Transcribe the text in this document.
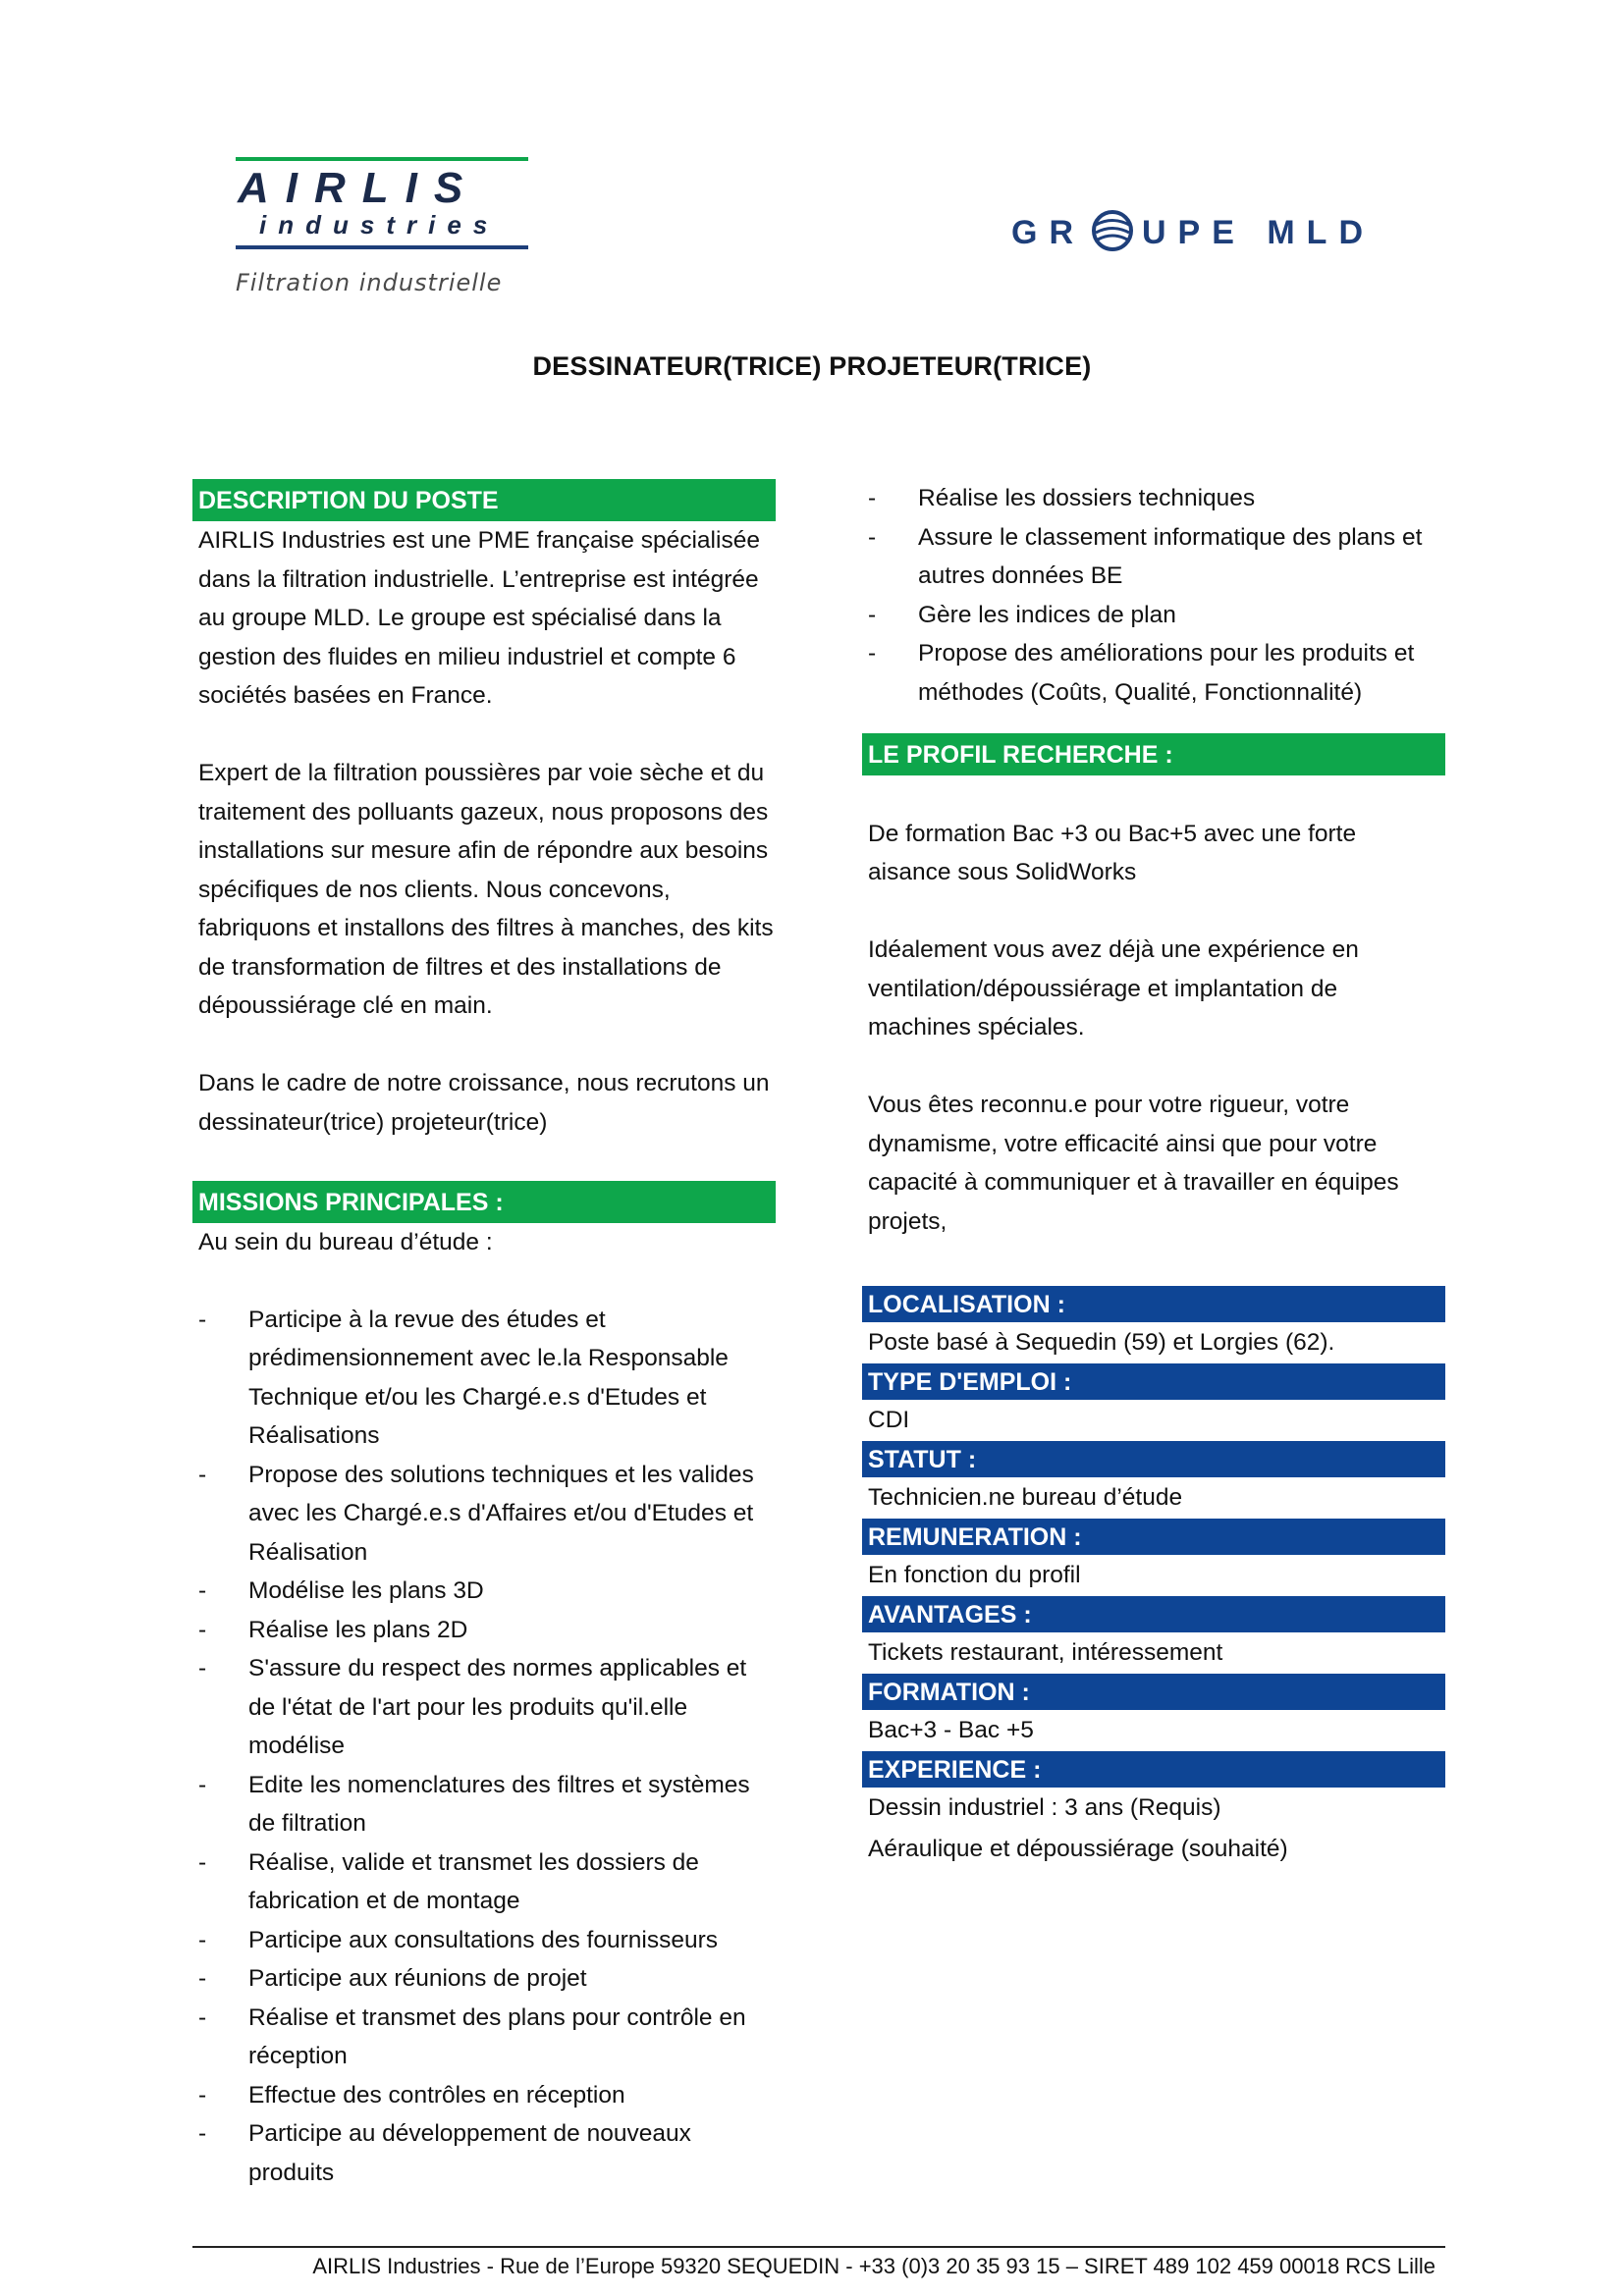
AIRLIS
industries
Filtration industrielle
GR UPE MLD
DESSINATEUR(TRICE) PROJETEUR(TRICE)
DESCRIPTION DU POSTE

AIRLIS Industries est une PME française spécialisée dans la filtration industrielle. L’entreprise est intégrée au groupe MLD. Le groupe est spécialisé dans la gestion des fluides en milieu industriel et compte 6 sociétés basées en France.

Expert de la filtration poussières par voie sèche et du traitement des polluants gazeux, nous proposons des installations sur mesure afin de répondre aux besoins spécifiques de nos clients. Nous concevons, fabriquons et installons des filtres à manches, des kits de transformation de filtres et des installations de dépoussiérage clé en main.

Dans le cadre de notre croissance, nous recrutons un dessinateur(trice) projeteur(trice)

MISSIONS PRINCIPALES :

Au sein du bureau d’étude :

- Participe à la revue des études et prédimensionnement avec le.la Responsable Technique et/ou les Chargé.e.s d'Etudes et Réalisations
- Propose des solutions techniques et les valides avec les Chargé.e.s d'Affaires et/ou d'Etudes et Réalisation
- Modélise les plans 3D
- Réalise les plans 2D
- S'assure du respect des normes applicables et de l'état de l'art pour les produits qu'il.elle modélise
- Edite les nomenclatures des filtres et systèmes de filtration
- Réalise, valide et transmet les dossiers de fabrication et de montage
- Participe aux consultations des fournisseurs
- Participe aux réunions de projet
- Réalise et transmet des plans pour contrôle en réception
- Effectue des contrôles en réception
- Participe au développement de nouveaux produits
- Réalise les dossiers techniques
- Assure le classement informatique des plans et autres données BE
- Gère les indices de plan
- Propose des améliorations pour les produits et méthodes (Coûts, Qualité, Fonctionnalité)
LE PROFIL RECHERCHE :

De formation Bac +3 ou Bac+5 avec une forte aisance sous SolidWorks

Idéalement vous avez déjà une expérience en ventilation/dépoussiérage et implantation de machines spéciales.

Vous êtes reconnu.e pour votre rigueur, votre dynamisme, votre efficacité ainsi que pour votre capacité à communiquer et à travailler en équipes projets,

LOCALISATION :

Poste basé à Sequedin (59) et Lorgies (62).

TYPE D'EMPLOI :

CDI

STATUT :

Technicien.ne bureau d’étude

REMUNERATION :

En fonction du profil

AVANTAGES :

Tickets restaurant, intéressement

FORMATION :

Bac+3 - Bac +5

EXPERIENCE :

Dessin industriel : 3 ans (Requis)

Aéraulique et dépoussiérage (souhaité)

AIRLIS Industries - Rue de l’Europe 59320 SEQUEDIN - +33 (0)3 20 35 93 15 – SIRET 489 102 459 00018 RCS Lille
